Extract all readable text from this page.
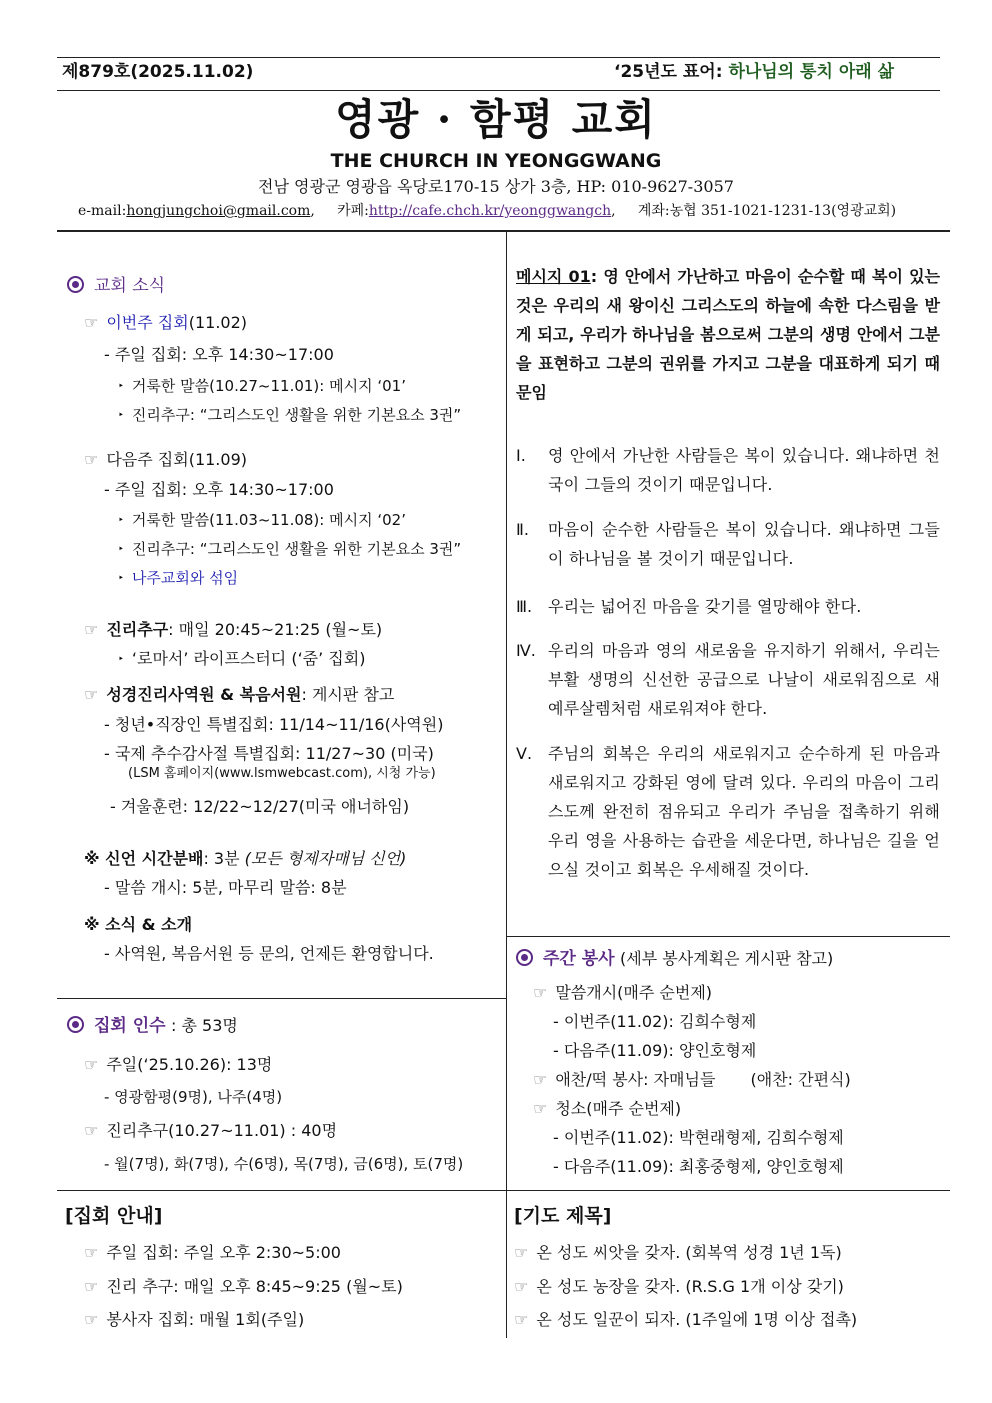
제879호(2025.11.02)	‘25년도 표어: 하나님의 통치 아래 삶
영광 · 함평 교회
THE CHURCH IN YEONGGWANG
전남 영광군 영광읍 옥당로170-15 상가 3층, HP: 010-9627-3057
e-mail:hongjungchoi@gmail.com,     카페:http://cafe.chch.kr/yeonggwangch,     계좌:농협 351-1021-1231-13(영광교회)
교회 소식
☞ 이번주 집회(11.02)
- 주일 집회: 오후 14:30~17:00
‣ 거룩한 말씀(10.27~11.01): 메시지 ‘01’
‣ 진리추구: “그리스도인 생활을 위한 기본요소 3권”
☞ 다음주 집회(11.09)
- 주일 집회: 오후 14:30~17:00
‣ 거룩한 말씀(11.03~11.08): 메시지 ‘02’
‣ 진리추구: “그리스도인 생활을 위한 기본요소 3권”
‣ 나주교회와 섞임
☞ 진리추구: 매일 20:45~21:25 (월~토)
‣ ‘로마서’ 라이프스터디 (‘줌’ 집회)
☞ 성경진리사역원 & 복음서원: 게시판 참고
- 청년•직장인 특별집회: 11/14~11/16(사역원)
- 국제 추수감사절 특별집회: 11/27~30 (미국)
(LSM 홈페이지(www.lsmwebcast.com), 시청 가능)
- 겨울훈련: 12/22~12/27(미국 애너하임)
※ 신언 시간분배: 3분 (모든 형제자매님 신언)
- 말씀 개시: 5분, 마무리 말씀: 8분
※ 소식 & 소개
- 사역원, 복음서원 등 문의, 언제든 환영합니다.
집회 인수 : 총 53명
☞ 주일(‘25.10.26): 13명
- 영광함평(9명), 나주(4명)
☞ 진리추구(10.27~11.01) : 40명
- 월(7명), 화(7명), 수(6명), 목(7명), 금(6명), 토(7명)
메시지 01: 영 안에서 가난하고 마음이 순수할 때 복이 있는 것은 우리의 새 왕이신 그리스도의 하늘에 속한 다스림을 받게 되고, 우리가 하나님을 봄으로써 그분의 생명 안에서 그분을 표현하고 그분의 권위를 가지고 그분을 대표하게 되기 때문임
Ⅰ.	영 안에서 가난한 사람들은 복이 있습니다. 왜냐하면 천국이 그들의 것이기 때문입니다.
Ⅱ.	마음이 순수한 사람들은 복이 있습니다. 왜냐하면 그들이 하나님을 볼 것이기 때문입니다.
Ⅲ. 우리는 넓어진 마음을 갖기를 열망해야 한다.
Ⅳ. 우리의 마음과 영의 새로움을 유지하기 위해서, 우리는 부활 생명의 신선한 공급으로 나날이 새로워짐으로 새 예루살렘처럼 새로워져야 한다.
Ⅴ. 주님의 회복은 우리의 새로워지고 순수하게 된 마음과 새로워지고 강화된 영에 달려 있다. 우리의 마음이 그리스도께 완전히 점유되고 우리가 주님을 접촉하기 위해 우리 영을 사용하는 습관을 세운다면, 하나님은 길을 얻으실 것이고 회복은 우세해질 것이다.
주간 봉사 (세부 봉사계획은 게시판 참고)
☞ 말씀개시(매주 순번제)
- 이번주(11.02): 김희수형제
- 다음주(11.09): 양인호형제
☞ 애찬/떡 봉사: 자매님들 (애찬: 간편식)
☞ 청소(매주 순번제)
- 이번주(11.02): 박현래형제, 김희수형제
- 다음주(11.09): 최홍중형제, 양인호형제
[집회 안내]
☞ 주일 집회: 주일 오후 2:30~5:00
☞ 진리 추구: 매일 오후 8:45~9:25 (월~토)
☞ 봉사자 집회: 매월 1회(주일)
[기도 제목]
☞ 온 성도 씨앗을 갖자. (회복역 성경 1년 1독)
☞ 온 성도 농장을 갖자. (R.S.G 1개 이상 갖기)
☞ 온 성도 일꾼이 되자. (1주일에 1명 이상 접촉)
